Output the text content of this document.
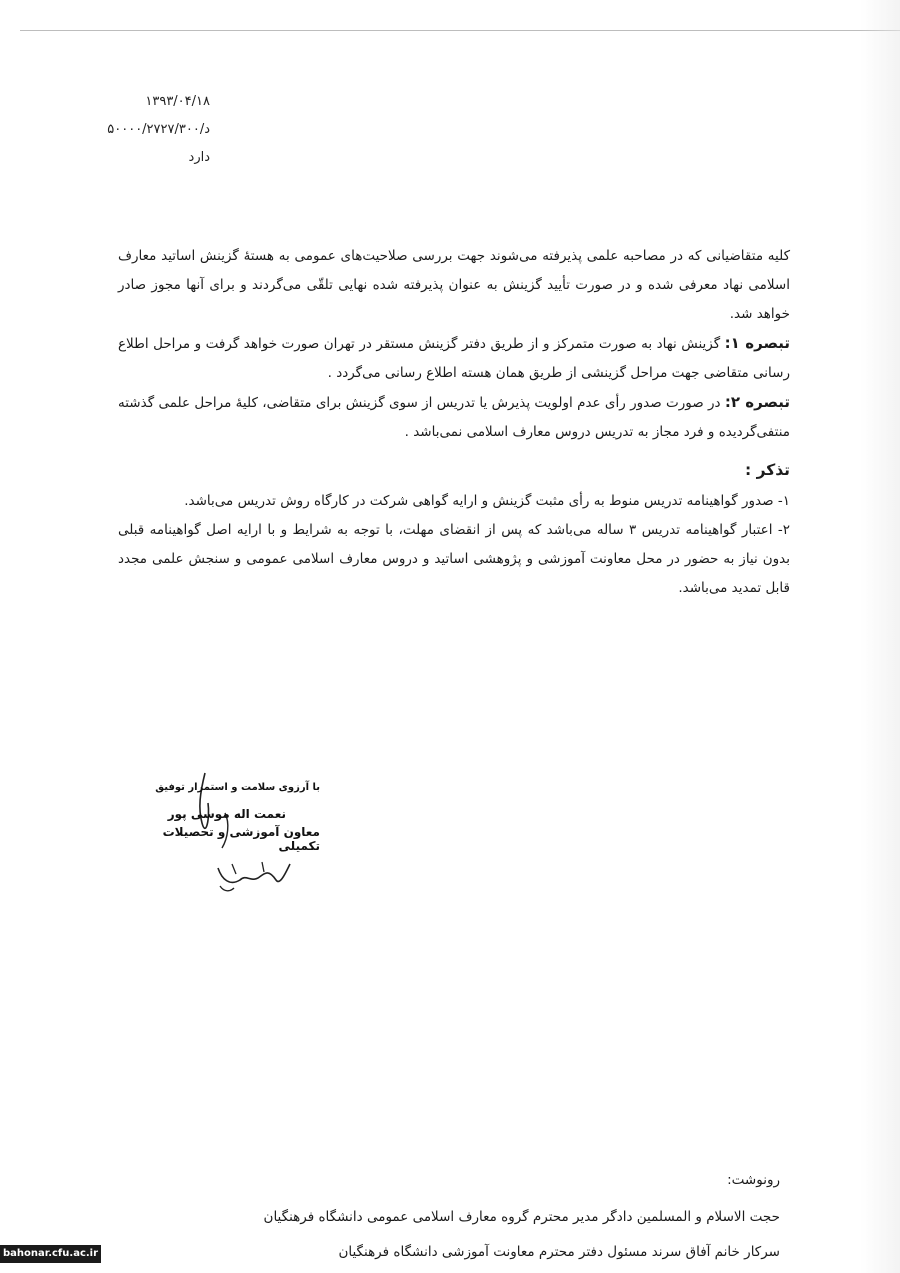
۱۳۹۳/۰۴/۱۸
۵۰۰۰۰/۲۷۲۷/۳۰۰/د
دارد

کلیه متقاضیانی که در مصاحبه علمی پذیرفته می‌شوند جهت بررسی صلاحیت‌های عمومی به هستهٔ گزینش اساتید معارف اسلامی نهاد معرفی شده و در صورت تأیید گزینش به عنوان پذیرفته شده نهایی تلقّی می‌گردند و برای آنها مجوز صادر خواهد شد.

تبصره ۱: گزینش نهاد به صورت متمرکز و از طریق دفتر گزینش مستقر در تهران صورت خواهد گرفت و مراحل اطلاع رسانی متقاضی جهت مراحل گزینشی از طریق همان هسته اطلاع رسانی می‌گردد .

تبصره ۲: در صورت صدور رأی عدم اولویت پذیرش یا تدریس از سوی گزینش برای متقاضی، کلیهٔ مراحل علمی گذشته منتفی‌گردیده و فرد مجاز به تدریس دروس معارف اسلامی نمی‌باشد .

تذکر :

۱- صدور گواهینامه تدریس منوط به رأی مثبت گزینش و ارایه گواهی شرکت در کارگاه روش تدریس می‌باشد.

۲- اعتبار گواهینامه تدریس ۳ ساله می‌باشد که پس از انقضای مهلت، با توجه به شرایط و با ارایه اصل گواهینامه قبلی بدون نیاز به حضور در محل معاونت آموزشی و پژوهشی اساتید و دروس معارف اسلامی عمومی و سنجش علمی مجدد قابل تمدید می‌باشد.

با آرزوی سلامت و استمرار توفیق

نعمت اله موسی پور

معاون آموزشی و تحصیلات تکمیلی

رونوشت:
حجت الاسلام و المسلمین دادگر مدیر محترم گروه معارف اسلامی عمومی دانشگاه فرهنگیان
سرکار خانم آفاق سرند مسئول دفتر محترم معاونت آموزشی دانشگاه فرهنگیان
bahonar.cfu.ac.ir
